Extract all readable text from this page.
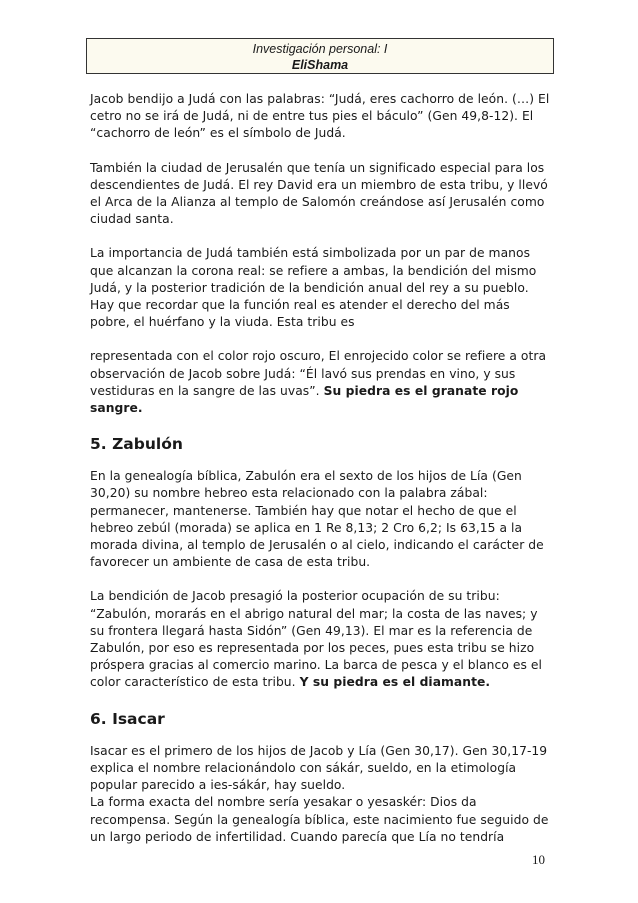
Investigación personal: I
EliShama

Jacob bendijo a Judá con las palabras: “Judá, eres cachorro de león. (…) El cetro no se irá de Judá, ni de entre tus pies el báculo” (Gen 49,8-12). El “cachorro de león” es el símbolo de Judá.

También la ciudad de Jerusalén que tenía un significado especial para los descendientes de Judá. El rey David era un miembro de esta tribu, y llevó el Arca de la Alianza al templo de Salomón creándose así Jerusalén como ciudad santa.

La importancia de Judá también está simbolizada por un par de manos que alcanzan la corona real: se refiere a ambas, la bendición del mismo Judá, y la posterior tradición de la bendición anual del rey a su pueblo. Hay que recordar que la función real es atender el derecho del más pobre, el huérfano y la viuda. Esta tribu es

representada con el color rojo oscuro, El enrojecido color se refiere a otra observación de Jacob sobre Judá: “Él lavó sus prendas en vino, y sus vestiduras en la sangre de las uvas”. Su piedra es el granate rojo sangre.

5. Zabulón

En la genealogía bíblica, Zabulón era el sexto de los hijos de Lía (Gen 30,20) su nombre hebreo esta relacionado con la palabra zábal: permanecer, mantenerse. También hay que notar el hecho de que el hebreo zebúl (morada) se aplica en 1 Re 8,13; 2 Cro 6,2; Is 63,15 a la morada divina, al templo de Jerusalén o al cielo, indicando el carácter de favorecer un ambiente de casa de esta tribu.

La bendición de Jacob presagió la posterior ocupación de su tribu: “Zabulón, morarás en el abrigo natural del mar; la costa de las naves; y su frontera llegará hasta Sidón” (Gen 49,13). El mar es la referencia de Zabulón, por eso es representada por los peces, pues esta tribu se hizo próspera gracias al comercio marino. La barca de pesca y el blanco es el color característico de esta tribu. Y su piedra es el diamante.

6. Isacar

Isacar es el primero de los hijos de Jacob y Lía (Gen 30,17). Gen 30,17-19 explica el nombre relacionándolo con sákár, sueldo, en la etimología popular parecido a ies-sákár, hay sueldo.

La forma exacta del nombre sería yesakar o yesaskér: Dios da recompensa. Según la genealogía bíblica, este nacimiento fue seguido de un largo periodo de infertilidad. Cuando parecía que Lía no tendría

10
